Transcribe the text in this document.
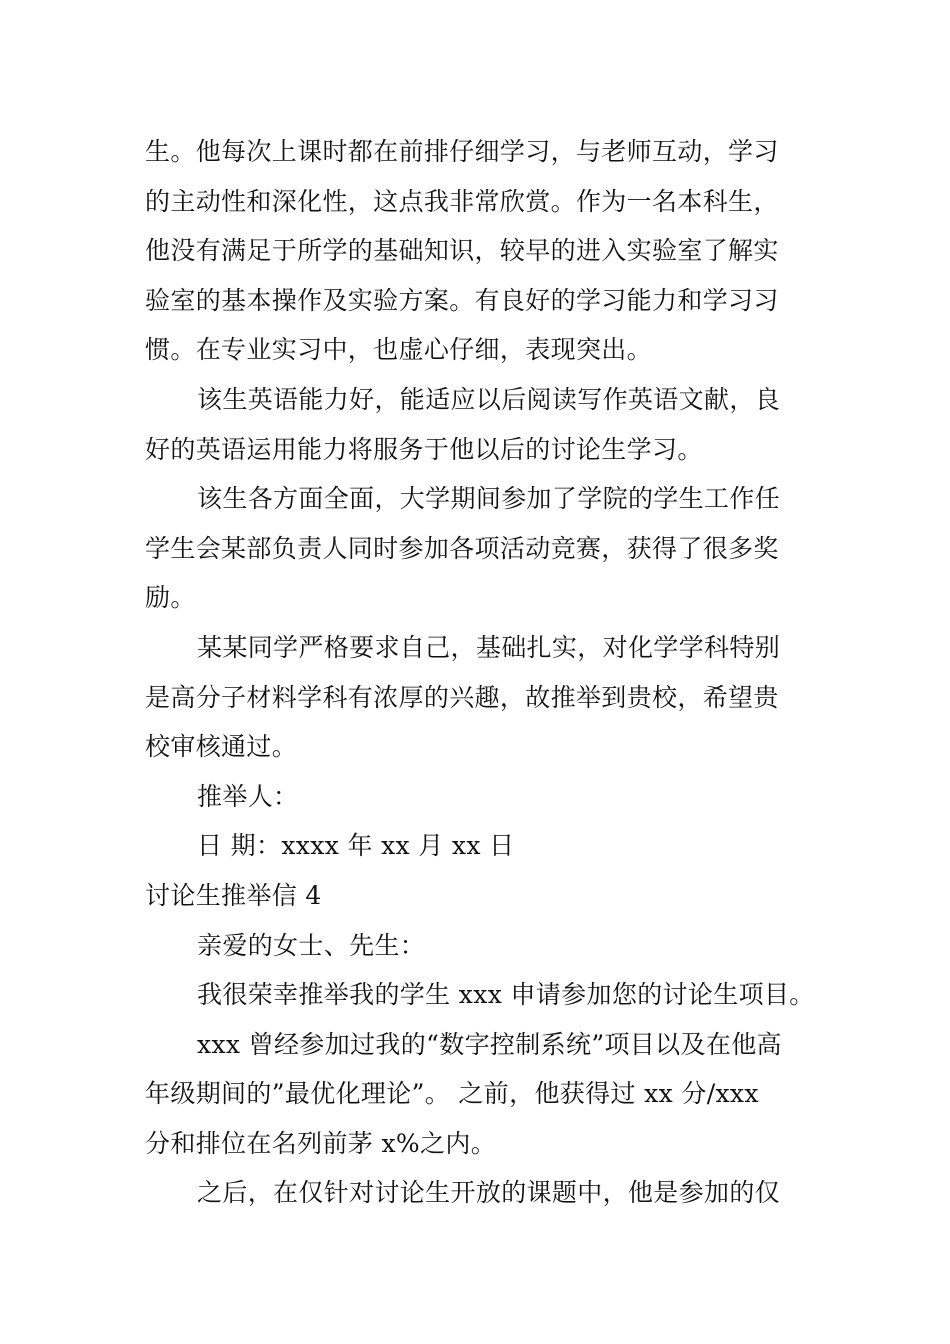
生。他每次上课时都在前排仔细学习，与老师互动，学习
的主动性和深化性，这点我非常欣赏。作为一名本科生，
他没有满足于所学的基础知识，较早的进入实验室了解实
验室的基本操作及实验方案。有良好的学习能力和学习习
惯。在专业实习中，也虚心仔细，表现突出。
该生英语能力好，能适应以后阅读写作英语文献，良
好的英语运用能力将服务于他以后的讨论生学习。
该生各方面全面，大学期间参加了学院的学生工作任
学生会某部负责人同时参加各项活动竞赛，获得了很多奖
励。
某某同学严格要求自己，基础扎实，对化学学科特别
是高分子材料学科有浓厚的兴趣，故推举到贵校，希望贵
校审核通过。
推举人：
日 期：xxxx 年 xx 月 xx 日
讨论生推举信 4
亲爱的女士、先生：
我很荣幸推举我的学生 xxx 申请参加您的讨论生项目。
xxx 曾经参加过我的“数字控制系统”项目以及在他高
年级期间的”最优化理论”。 之前，他获得过 xx 分/xxx
分和排位在名列前茅 x%之内。
之后，在仅针对讨论生开放的课题中，他是参加的仅
